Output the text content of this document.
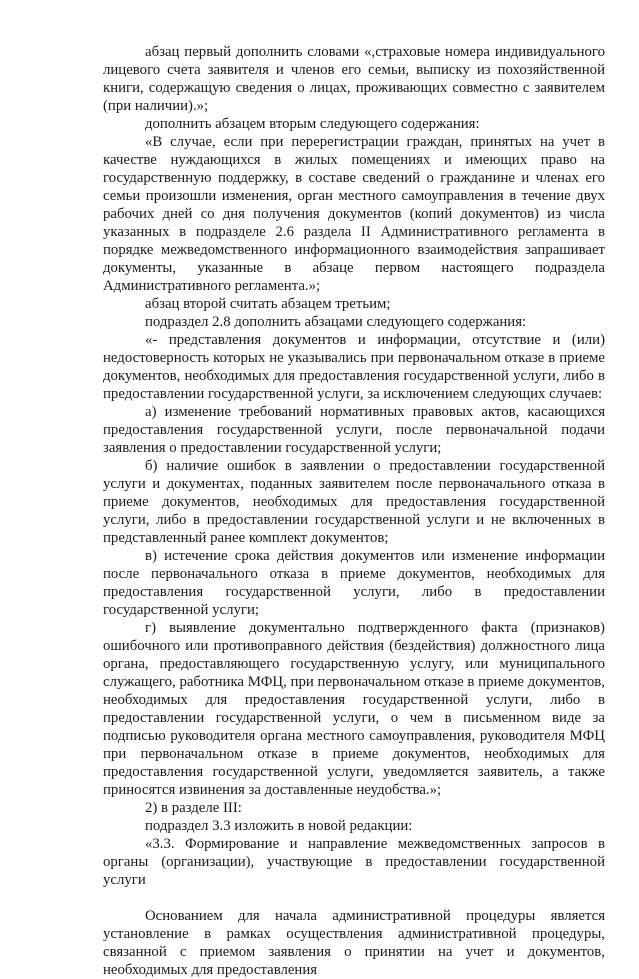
абзац первый дополнить словами «,страховые номера индивидуального лицевого счета заявителя и членов его семьи, выписку из похозяйственной книги, содержащую сведения о лицах, проживающих совместно с заявителем (при наличии).»;

дополнить абзацем вторым следующего содержания:

«В случае, если при перерегистрации граждан, принятых на учет в качестве нуждающихся в жилых помещениях и имеющих право на государственную поддержку, в составе сведений о гражданине и членах его семьи произошли изменения, орган местного самоуправления в течение двух рабочих дней со дня получения документов (копий документов) из числа указанных в подразделе 2.6 раздела II Административного регламента в порядке межведомственного информационного взаимодействия запрашивает документы, указанные в абзаце первом настоящего подраздела Административного регламента.»;

абзац второй считать абзацем третьим;

подраздел 2.8 дополнить абзацами следующего содержания:

«- представления документов и информации, отсутствие и (или) недостоверность которых не указывались при первоначальном отказе в приеме документов, необходимых для предоставления государственной услуги, либо в предоставлении государственной услуги, за исключением следующих случаев:

а) изменение требований нормативных правовых актов, касающихся предоставления государственной услуги, после первоначальной подачи заявления о предоставлении государственной услуги;

б) наличие ошибок в заявлении о предоставлении государственной услуги и документах, поданных заявителем после первоначального отказа в приеме документов, необходимых для предоставления государственной услуги, либо в предоставлении государственной услуги и не включенных в представленный ранее комплект документов;

в) истечение срока действия документов или изменение информации после первоначального отказа в приеме документов, необходимых для предоставления государственной услуги, либо в предоставлении государственной услуги;

г) выявление документально подтвержденного факта (признаков) ошибочного или противоправного действия (бездействия) должностного лица органа, предоставляющего государственную услугу, или муниципального служащего, работника МФЦ, при первоначальном отказе в приеме документов, необходимых для предоставления государственной услуги, либо в предоставлении государственной услуги, о чем в письменном виде за подписью руководителя органа местного самоуправления, руководителя МФЦ при первоначальном отказе в приеме документов, необходимых для предоставления государственной услуги, уведомляется заявитель, а также приносятся извинения за доставленные неудобства.»;

2) в разделе III:

подраздел 3.3 изложить в новой редакции:

«3.3. Формирование и направление межведомственных запросов в органы (организации), участвующие в предоставлении государственной услуги

Основанием для начала административной процедуры является установление в рамках осуществления административной процедуры, связанной с приемом заявления о принятии на учет и документов, необходимых для предоставления
